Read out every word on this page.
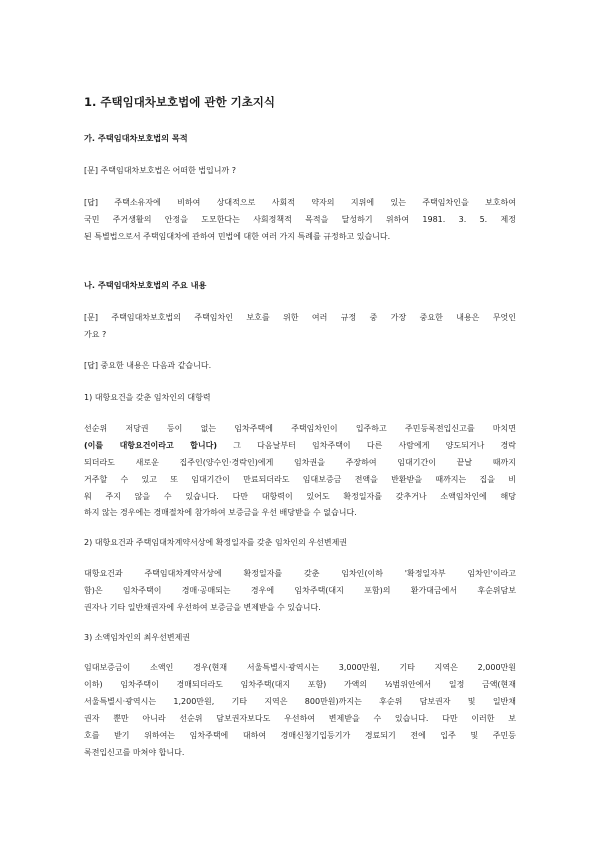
1. 주택임대차보호법에 관한 기초지식
가. 주택임대차보호법의 목적
[문] 주택임대차보호법은 어떠한 법입니까 ?
[답] 주택소유자에 비하여 상대적으로 사회적 약자의 지위에 있는 주택임차인을 보호하여
국민 주거생활의 안정을 도모한다는 사회정책적 목적을 달성하기 위하여 1981. 3. 5. 제정
된 특별법으로서 주택임대차에 관하여 민법에 대한 여러 가지 특례를 규정하고 있습니다.
나. 주택임대차보호법의 주요 내용
[문] 주택임대차보호법의 주택임차인 보호를 위한 여러 규정 중 가장 중요한 내용은 무엇인
가요 ?
[답] 중요한 내용은 다음과 같습니다.
1) 대항요건을 갖춘 임차인의 대항력
선순위 저당권 등이 없는 임차주택에 주택임차인이 입주하고 주민등록전입신고를 마치면
(이를 대항요건이라고 합니다) 그 다음날부터 임차주택이 다른 사람에게 양도되거나 경락
되더라도 새로운 집주인(양수인·경락인)에게 임차권을 주장하여 임대기간이 끝날 때까지
거주할 수 있고 또 임대기간이 만료되더라도 임대보증금 전액을 반환받을 때까지는 집을 비
워 주지 않을 수 있습니다. 다만 대항력이 있어도 확정일자를 갖추거나 소액임차인에 해당
하지 않는 경우에는 경매절차에 참가하여 보증금을 우선 배당받을 수 없습니다.
2) 대항요건과 주택임대차계약서상에 확정일자를 갖춘 임차인의 우선변제권
대항요건과 주택임대차계약서상에 확정일자를 갖춘 임차인(이하 '확정일자부 임차인'이라고
함)은 임차주택이 경매·공매되는 경우에 임차주택(대지 포함)의 환가대금에서 후순위담보
권자나 기타 일반채권자에 우선하여 보증금을 변제받을 수 있습니다.
3) 소액임차인의 최우선변제권
임대보증금이 소액인 경우(현재 서울특별시·광역시는 3,000만원, 기타 지역은 2,000만원
이하) 임차주택이 경매되더라도 임차주택(대지 포함) 가액의 ½범위안에서 일정 금액(현재
서울특별시·광역시는 1,200만원, 기타 지역은 800만원)까지는 후순위 담보권자 및 일반채
권자 뿐만 아니라 선순위 담보권자보다도 우선하여 변제받을 수 있습니다. 다만 이러한 보
호를 받기 위하여는 임차주택에 대하여 경매신청기입등기가 경료되기 전에 입주 및 주민등
록전입신고를 마쳐야 합니다.
